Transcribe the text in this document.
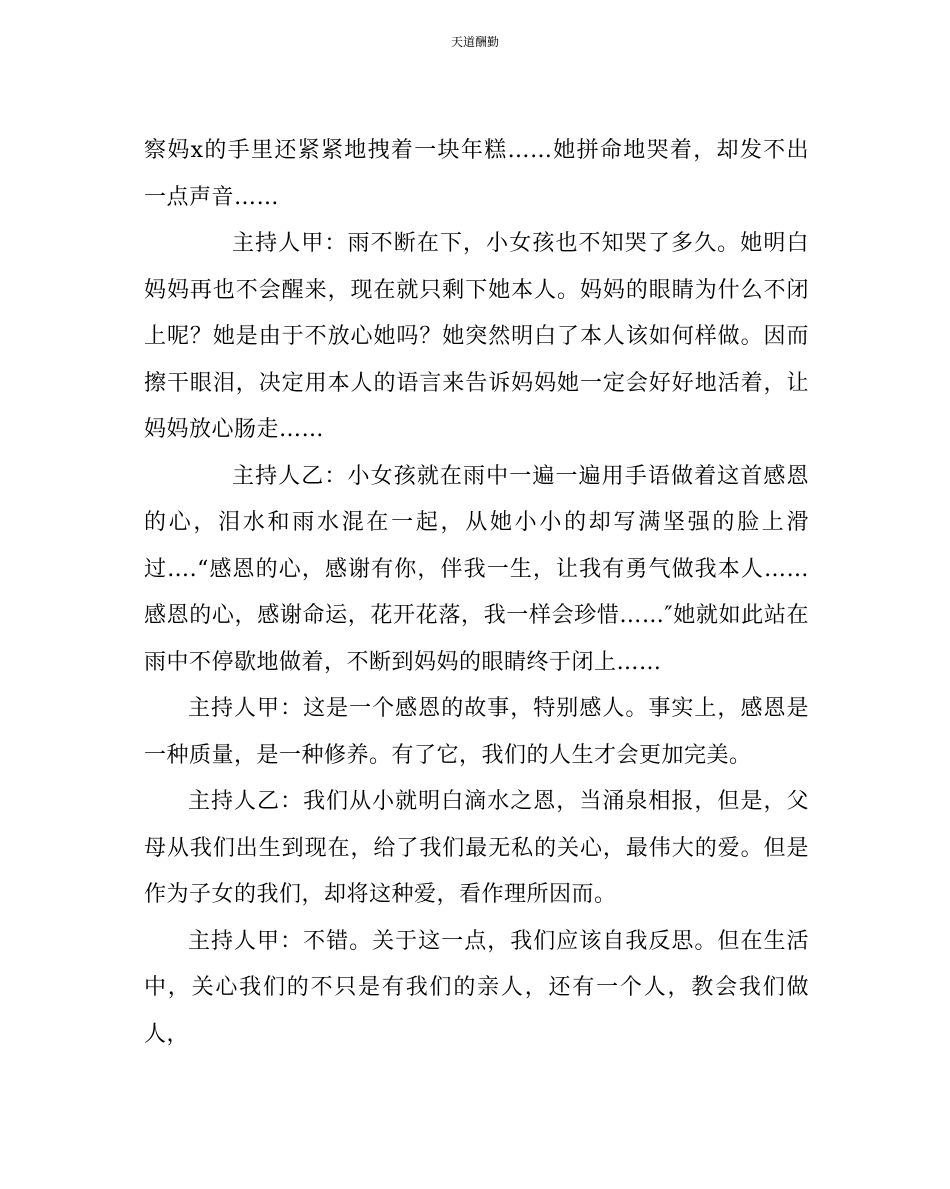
天道酬勤

察妈x的手里还紧紧地拽着一块年糕……她拼命地哭着，却发不出一点声音……

主持人甲：雨不断在下，小女孩也不知哭了多久。她明白妈妈再也不会醒来，现在就只剩下她本人。妈妈的眼睛为什么不闭上呢？她是由于不放心她吗？她突然明白了本人该如何样做。因而擦干眼泪，决定用本人的语言来告诉妈妈她一定会好好地活着，让妈妈放心肠走……

主持人乙：小女孩就在雨中一遍一遍用手语做着这首感恩的心，泪水和雨水混在一起，从她小小的却写满坚强的脸上滑过….“感恩的心，感谢有你，伴我一生，让我有勇气做我本人……感恩的心，感谢命运，花开花落，我一样会珍惜……″她就如此站在雨中不停歇地做着，不断到妈妈的眼睛终于闭上……

主持人甲：这是一个感恩的故事，特别感人。事实上，感恩是一种质量，是一种修养。有了它，我们的人生才会更加完美。

主持人乙：我们从小就明白滴水之恩，当涌泉相报，但是，父母从我们出生到现在，给了我们最无私的关心，最伟大的爱。但是作为子女的我们，却将这种爱，看作理所因而。

主持人甲：不错。关于这一点，我们应该自我反思。但在生活中，关心我们的不只是有我们的亲人，还有一个人，教会我们做人，
